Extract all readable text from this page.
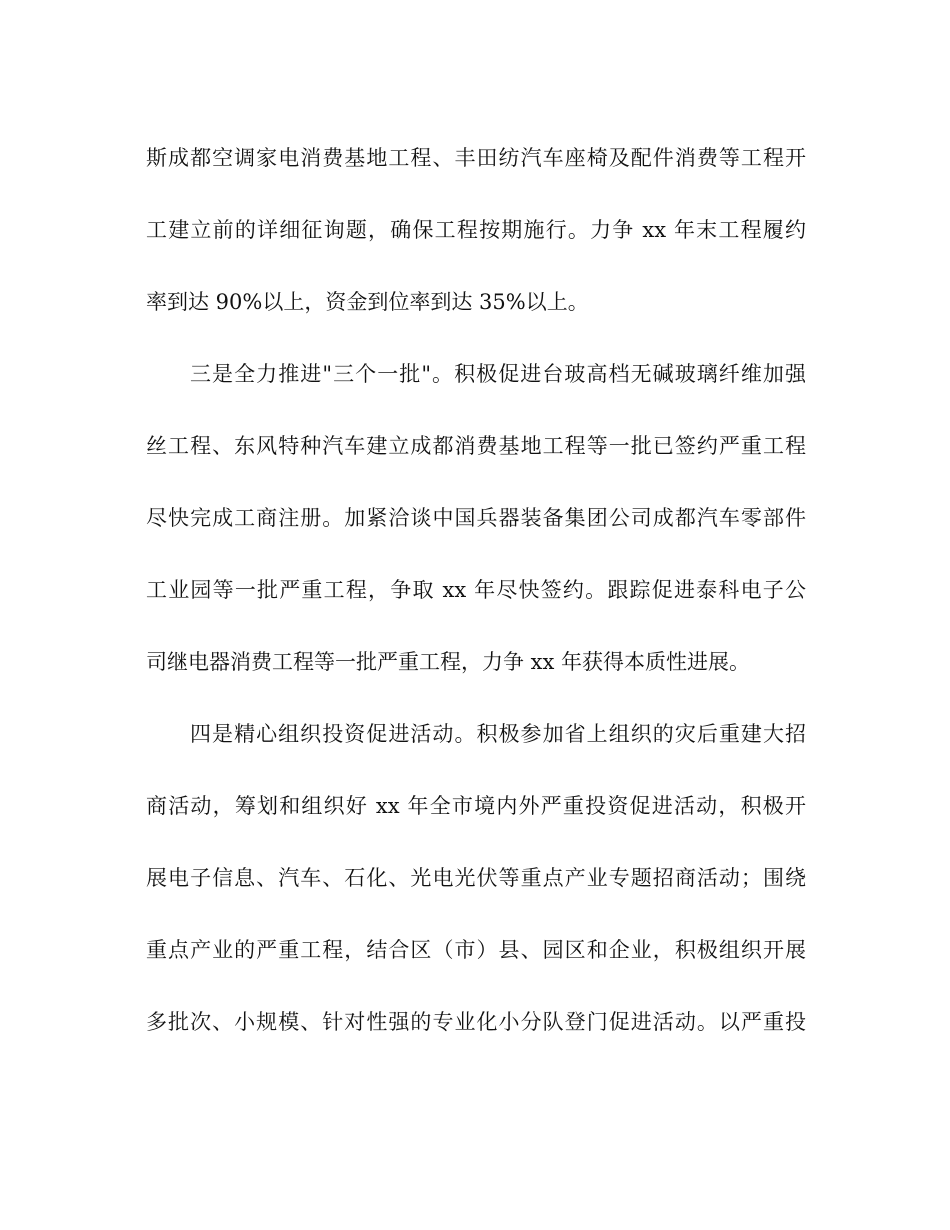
斯成都空调家电消费基地工程、丰田纺汽车座椅及配件消费等工程开
工建立前的详细征询题，确保工程按期施行。力争 xx 年末工程履约
率到达 90%以上，资金到位率到达 35%以上。
三是全力推进"三个一批"。积极促进台玻高档无碱玻璃纤维加强
丝工程、东风特种汽车建立成都消费基地工程等一批已签约严重工程
尽快完成工商注册。加紧洽谈中国兵器装备集团公司成都汽车零部件
工业园等一批严重工程，争取 xx 年尽快签约。跟踪促进泰科电子公
司继电器消费工程等一批严重工程，力争 xx 年获得本质性进展。
四是精心组织投资促进活动。积极参加省上组织的灾后重建大招
商活动，筹划和组织好 xx 年全市境内外严重投资促进活动，积极开
展电子信息、汽车、石化、光电光伏等重点产业专题招商活动；围绕
重点产业的严重工程，结合区（市）县、园区和企业，积极组织开展
多批次、小规模、针对性强的专业化小分队登门促进活动。以严重投
